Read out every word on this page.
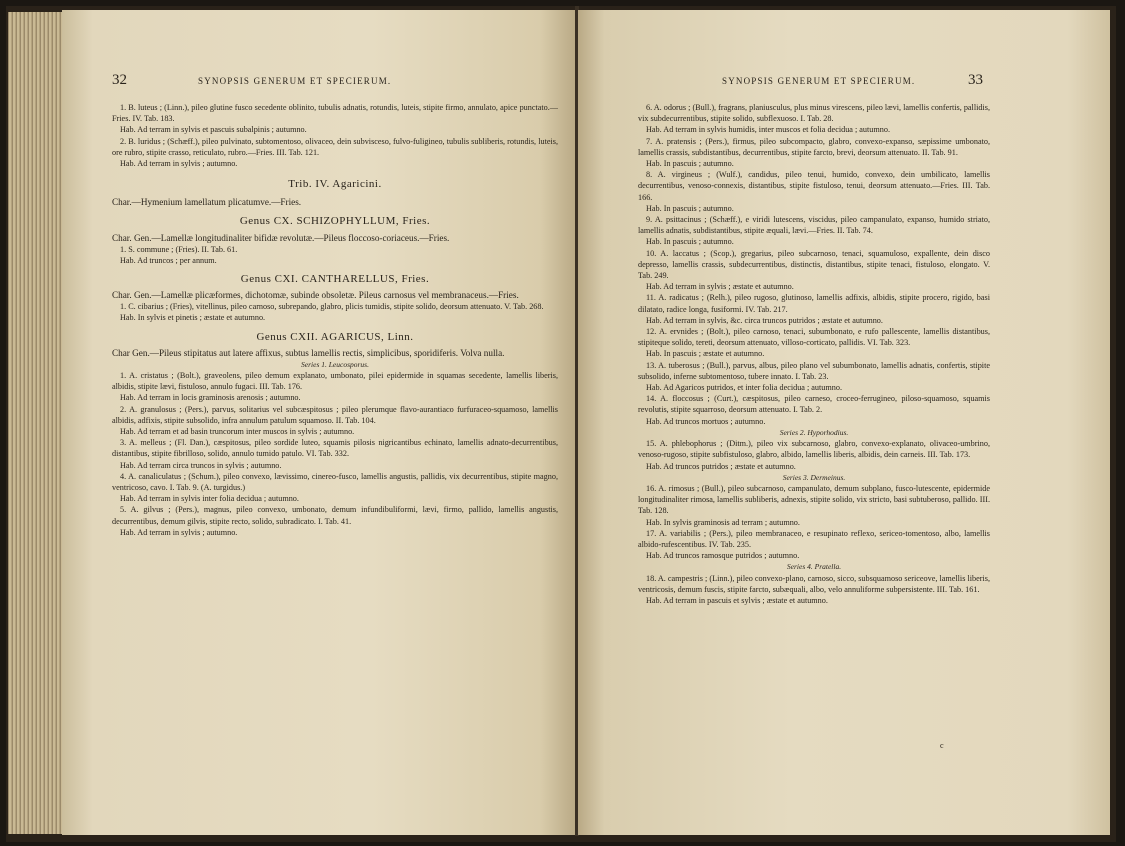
32	SYNOPSIS GENERUM ET SPECIERUM.

1. B. luteus ; (Linn.), pileo glutine fusco secedente oblinito, tubulis adnatis, rotundis, luteis, stipite firmo, annulato, apice punctato.—Fries. IV. Tab. 183.

Hab. Ad terram in sylvis et pascuis subalpinis ; autumno.

2. B. luridus ; (Schæff.), pileo pulvinato, subtomentoso, olivaceo, dein subvisceso, fulvo-fuligineo, tubulis subliberis, rotundis, luteis, ore rubro, stipite crasso, reticulato, rubro.—Fries. III. Tab. 121.

Hab. Ad terram in sylvis ; autumno.

Trib. IV. Agaricini.

Char.—Hymenium lamellatum plicatumve.—Fries.

Genus CX. SCHIZOPHYLLUM, Fries.

Char. Gen.—Lamellæ longitudinaliter bifidæ revolutæ.—Pileus floccoso-coriaceus.—Fries.

1. S. commune ; (Fries). II. Tab. 61.

Hab. Ad truncos ; per annum.

Genus CXI. CANTHARELLUS, Fries.

Char. Gen.—Lamellæ plicæformes, dichotomæ, subinde obsoletæ. Pileus carnosus vel membranaceus.—Fries.

1. C. cibarius ; (Fries), vitellinus, pileo carnoso, subrepando, glabro, plicis tumidis, stipite solido, deorsum attenuato. V. Tab. 268.

Hab. In sylvis et pinetis ; æstate et autumno.

Genus CXII. AGARICUS, Linn.

Char Gen.—Pileus stipitatus aut latere affixus, subtus lamellis rectis, simplicibus, sporidiferis. Volva nulla.

Series 1. Leucosporus.

1. A. cristatus ; (Bolt.), graveolens, pileo demum explanato, umbonato, pilei epidermide in squamas secedente, lamellis liberis, albidis, stipite lævi, fistuloso, annulo fugaci. III. Tab. 176.

Hab. Ad terram in locis graminosis arenosis ; autumno.

2. A. granulosus ; (Pers.), parvus, solitarius vel subcæspitosus ; pileo plerumque flavo-aurantiaco furfuraceo-squamoso, lamellis albidis, adfixis, stipite subsolido, infra annulum patulum squamoso. II. Tab. 104.

Hab. Ad terram et ad basin truncorum inter muscos in sylvis ; autumno.

3. A. melleus ; (Fl. Dan.), cæspitosus, pileo sordide luteo, squamis pilosis nigricantibus echinato, lamellis adnato-decurrentibus, distantibus, stipite fibrilloso, solido, annulo tumido patulo. VI. Tab. 332.

Hab. Ad terram circa truncos in sylvis ; autumno.

4. A. canaliculatus ; (Schum.), pileo convexo, lævissimo, cinereo-fusco, lamellis angustis, pallidis, vix decurrentibus, stipite magno, ventricoso, cavo. I. Tab. 9. (A. turgidus.)

Hab. Ad terram in sylvis inter folia decidua ; autumno.

5. A. gilvus ; (Pers.), magnus, pileo convexo, umbonato, demum infundibuliformi, lævi, firmo, pallido, lamellis angustis, decurrentibus, demum gilvis, stipite recto, solido, subradicato. I. Tab. 41.

Hab. Ad terram in sylvis ; autumno.

SYNOPSIS GENERUM ET SPECIERUM.	33

6. A. odorus ; (Bull.), fragrans, planiusculus, plus minus virescens, pileo lævi, lamellis confertis, pallidis, vix subdecurrentibus, stipite solido, subflexuoso. I. Tab. 28.

Hab. Ad terram in sylvis humidis, inter muscos et folia decidua ; autumno.

7. A. pratensis ; (Pers.), firmus, pileo subcompacto, glabro, convexo-expanso, sæpissime umbonato, lamellis crassis, subdistantibus, decurrentibus, stipite farcto, brevi, deorsum attenuato. II. Tab. 91.

Hab. In pascuis ; autumno.

8. A. virgineus ; (Wulf.), candidus, pileo tenui, humido, convexo, dein umbilicato, lamellis decurrentibus, venoso-connexis, distantibus, stipite fistuloso, tenui, deorsum attenuato.—Fries. III. Tab. 166.

Hab. In pascuis ; autumno.

9. A. psittacinus ; (Schæff.), e viridi lutescens, viscidus, pileo campanulato, expanso, humido striato, lamellis adnatis, subdistantibus, stipite æquali, lævi.—Fries. II. Tab. 74.

Hab. In pascuis ; autumno.

10. A. laccatus ; (Scop.), gregarius, pileo subcarnoso, tenaci, squamuloso, expallente, dein disco depresso, lamellis crassis, subdecurrentibus, distinctis, distantibus, stipite tenaci, fistuloso, elongato. V. Tab. 249.

Hab. Ad terram in sylvis ; æstate et autumno.

11. A. radicatus ; (Relh.), pileo rugoso, glutinoso, lamellis adfixis, albidis, stipite procero, rigido, basi dilatato, radice longa, fusiformi. IV. Tab. 217.

Hab. Ad terram in sylvis, &c. circa truncos putridos ; æstate et autumno.

12. A. ervnides ; (Bolt.), pileo carnoso, tenaci, subumbonato, e rufo pallescente, lamellis distantibus, stipiteque solido, tereti, deorsum attenuato, villoso-corticato, pallidis. VI. Tab. 323.

Hab. In pascuis ; æstate et autumno.

13. A. tuberosus ; (Bull.), parvus, albus, pileo plano vel subumbonato, lamellis adnatis, confertis, stipite subsolido, inferne subtomentoso, tubere innato. I. Tab. 23.

Hab. Ad Agaricos putridos, et inter folia decidua ; autumno.

14. A. floccosus ; (Curt.), cæspitosus, pileo carneso, croceo-ferrugineo, piloso-squamoso, squamis revolutis, stipite squarroso, deorsum attenuato. I. Tab. 2.

Hab. Ad truncos mortuos ; autumno.

Series 2. Hyporhodius.

15. A. phlebophorus ; (Ditm.), pileo vix subcarnoso, glabro, convexo-explanato, olivaceo-umbrino, venoso-rugoso, stipite subfistuloso, glabro, albido, lamellis liberis, albidis, dein carneis. III. Tab. 173.

Hab. Ad truncos putridos ; æstate et autumno.

Series 3. Dermeinus.

16. A. rimosus ; (Bull.), pileo subcarnoso, campanulato, demum subplano, fusco-lutescente, epidermide longitudinaliter rimosa, lamellis subliberis, adnexis, stipite solido, vix stricto, basi subtuberoso, pallido. III. Tab. 128.

Hab. In sylvis graminosis ad terram ; autumno.

17. A. variabilis ; (Pers.), pileo membranaceo, e resupinato reflexo, sericeo-tomentoso, albo, lamellis albido-rufescentibus. IV. Tab. 235.

Hab. Ad truncos ramosque putridos ; autumno.

Series 4. Pratella.

18. A. campestris ; (Linn.), pileo convexo-plano, carnoso, sicco, subsquamoso sericeove, lamellis liberis, ventricosis, demum fuscis, stipite farcto, subæquali, albo, velo annuliforme subpersistente. III. Tab. 161.

Hab. Ad terram in pascuis et sylvis ; æstate et autumno.

c
